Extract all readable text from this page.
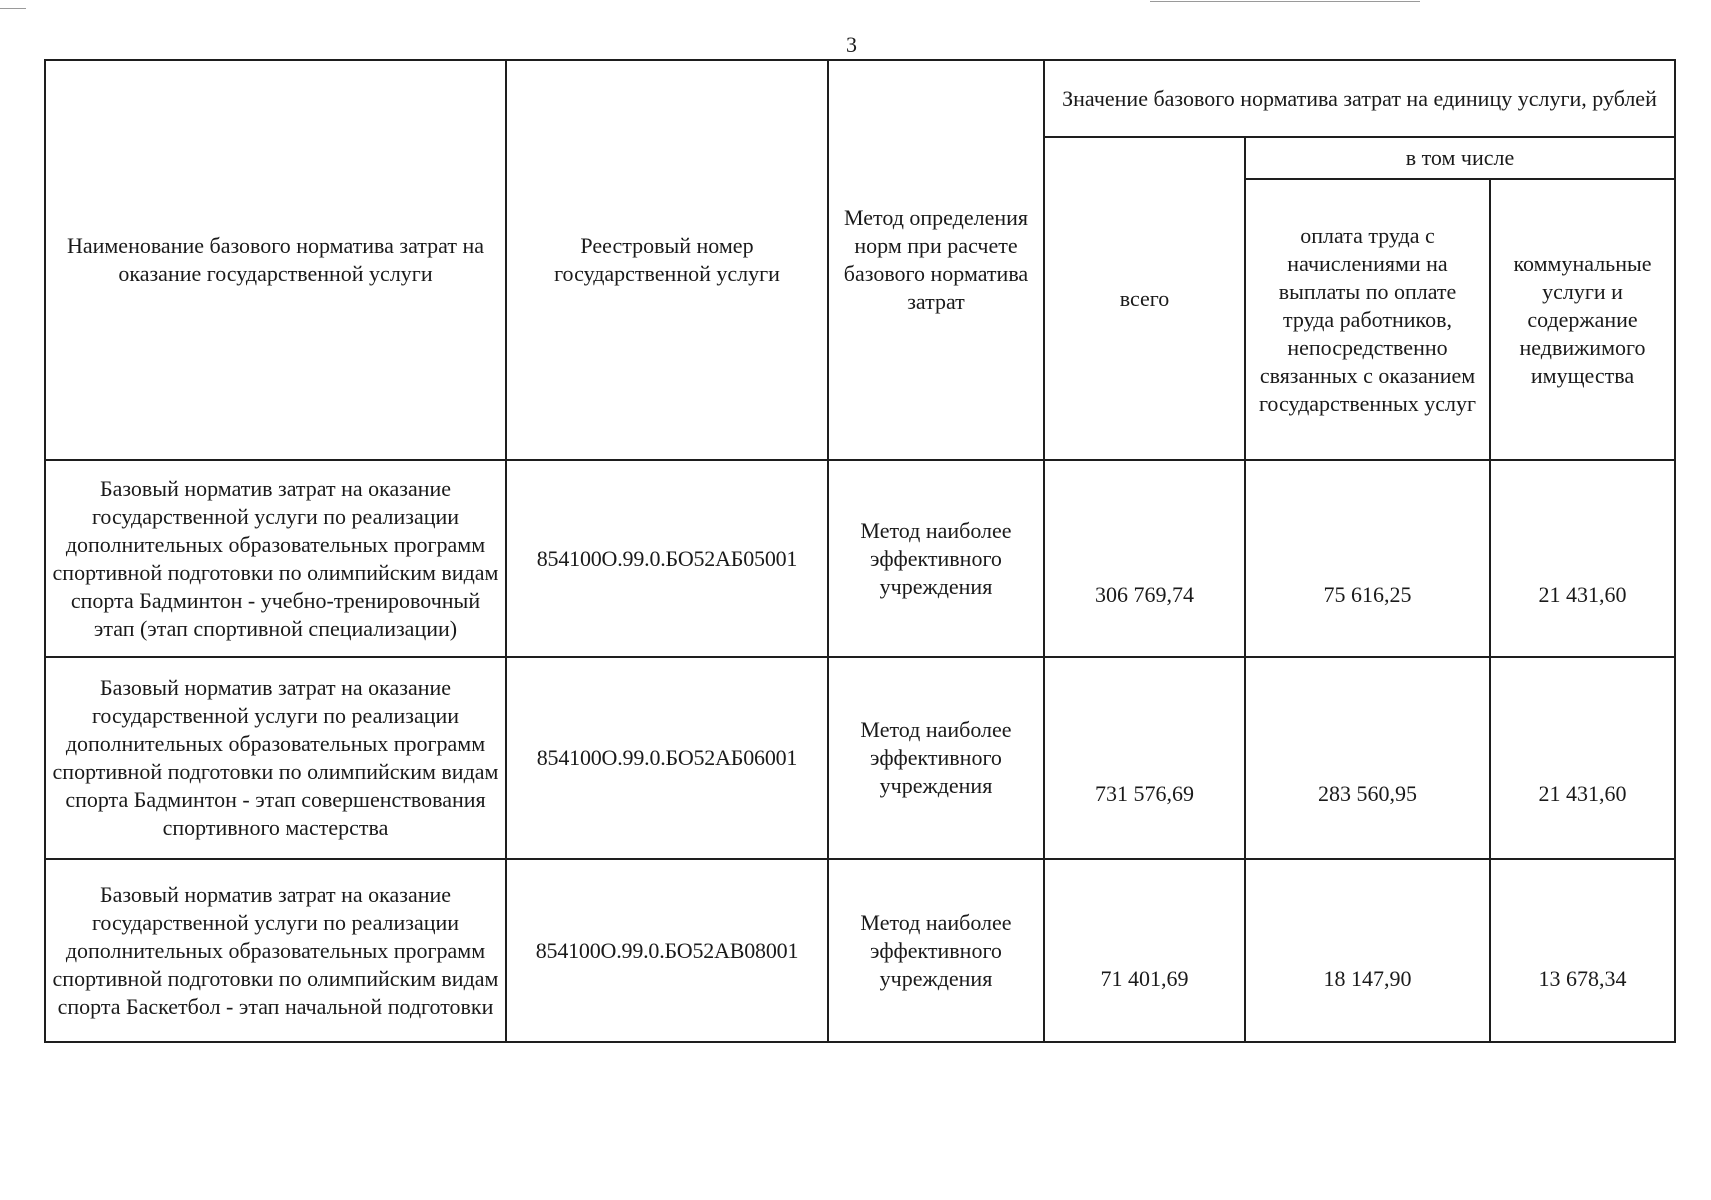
3
Наименование базового норматива затрат на оказание государственной услуги	Реестровый номер государственной услуги	Метод определения норм при расчете базового норматива затрат	Значение базового норматива затрат на единицу услуги, рублей		
			всего	в том числе	
				оплата труда с начислениями на выплаты по оплате труда работников, непосредственно связанных с оказанием государственных услуг	коммунальные услуги и содержание недвижимого имущества
Базовый норматив затрат на оказание государственной услуги по реализации дополнительных образовательных программ спортивной подготовки по олимпийским видам спорта Бадминтон - учебно-тренировочный этап (этап спортивной специализации)	854100О.99.0.БО52АБ05001	Метод наиболее эффективного учреждения	306 769,74	75 616,25	21 431,60
Базовый норматив затрат на оказание государственной услуги по реализации дополнительных образовательных программ спортивной подготовки по олимпийским видам спорта Бадминтон - этап совершенствования спортивного мастерства	854100О.99.0.БО52АБ06001	Метод наиболее эффективного учреждения	731 576,69	283 560,95	21 431,60
Базовый норматив затрат на оказание государственной услуги по реализации дополнительных образовательных программ спортивной подготовки по олимпийским видам спорта Баскетбол - этап начальной подготовки	854100О.99.0.БО52АВ08001	Метод наиболее эффективного учреждения	71 401,69	18 147,90	13 678,34
